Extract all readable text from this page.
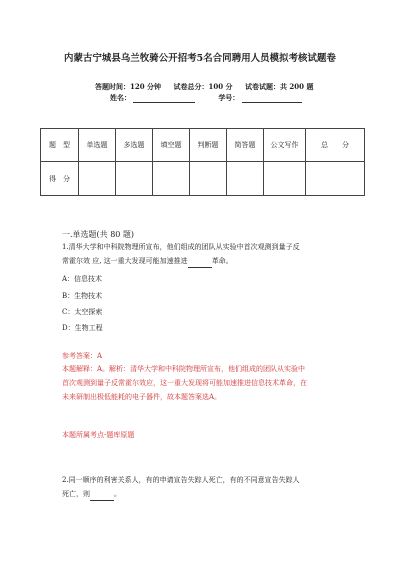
内蒙古宁城县乌兰牧骑公开招考5名合同聘用人员模拟考核试题卷
答题时间：120 分钟 试卷总分：100 分 试卷试题：共 200 题
姓名：	学号：
题　型	单选题	多选题	填空题	判断题	简答题	公文写作	总　　分
得　分							
一.单选题(共 80 题)
1.清华大学和中科院物理所宣布，他们组成的团队从实验中首次观测到量子反
常霍尔效 应, 这一重大发现可能加速推进	革命。
A：信息技术
B：生物技术
C：太空探索
D：生物工程
参考答案：A
本题解释：A。解析：清华大学和中科院物理所宣布，他们组成的团队从实验中
首次观测到量子反常霍尔效应，这一重大发现将可能加速推进信息技术革命，在
未来研制出极低能耗的电子器件，故本题答案选A。
本题所属考点-题库原题
2.同一顺序的利害关系人，有的申请宣告失踪人死亡，有的不同意宣告失踪人
死亡，则	。
